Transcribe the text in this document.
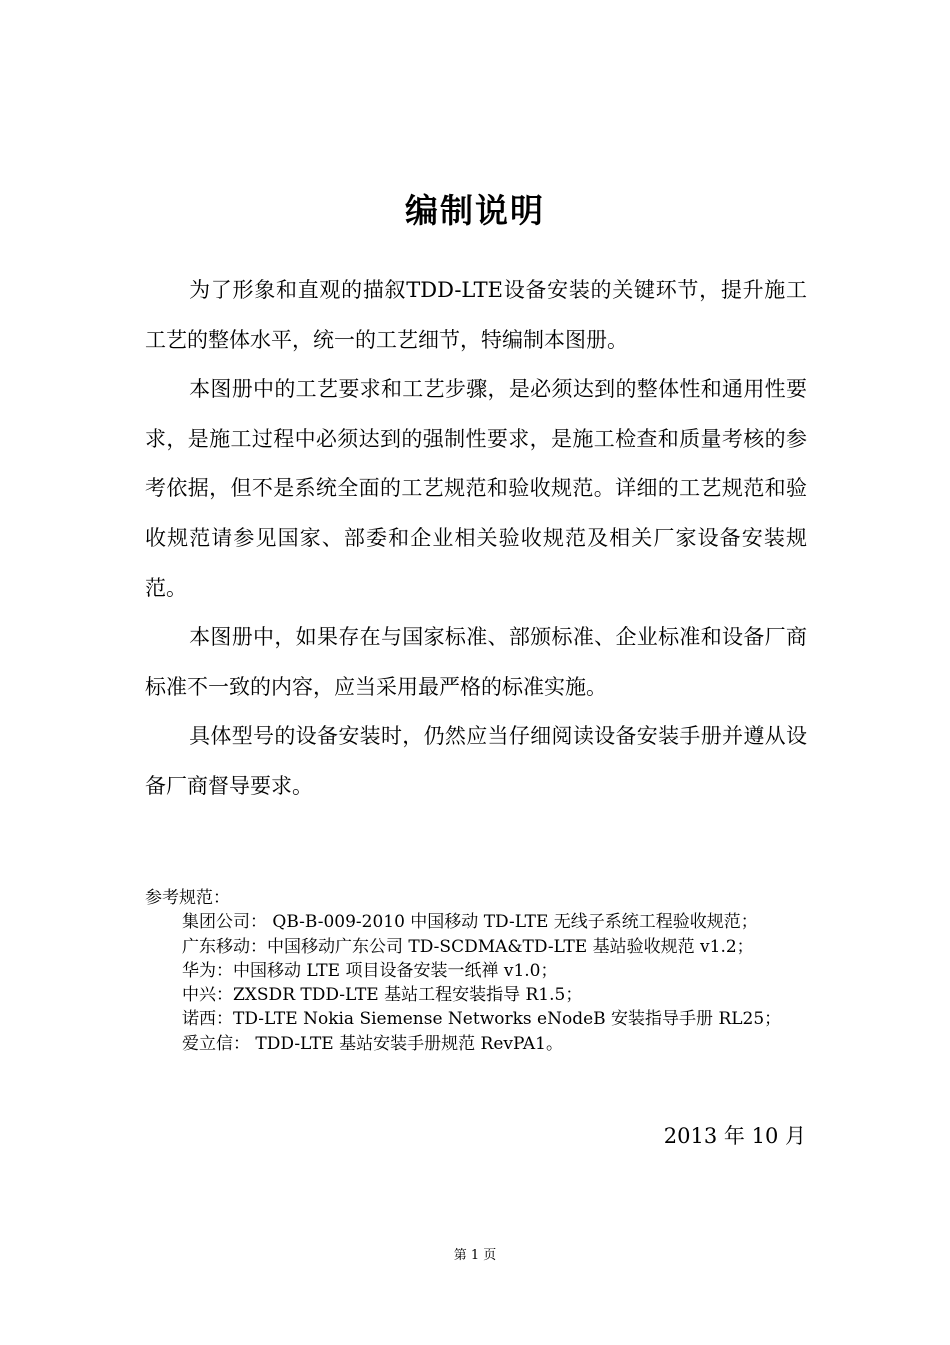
编制说明

为了形象和直观的描叙TDD-LTE设备安装的关键环节，提升施工工艺的整体水平，统一的工艺细节，特编制本图册。

本图册中的工艺要求和工艺步骤，是必须达到的整体性和通用性要求，是施工过程中必须达到的强制性要求，是施工检查和质量考核的参考依据，但不是系统全面的工艺规范和验收规范。详细的工艺规范和验收规范请参见国家、部委和企业相关验收规范及相关厂家设备安装规范。

本图册中，如果存在与国家标准、部颁标准、企业标准和设备厂商标准不一致的内容，应当采用最严格的标准实施。

具体型号的设备安装时，仍然应当仔细阅读设备安装手册并遵从设备厂商督导要求。

参考规范：

集团公司： QB-B-009-2010 中国移动 TD-LTE 无线子系统工程验收规范；
广东移动：中国移动广东公司 TD-SCDMA&TD-LTE 基站验收规范 v1.2；
华为：中国移动 LTE 项目设备安装一纸禅 v1.0；
中兴：ZXSDR TDD-LTE 基站工程安装指导 R1.5；
诺西：TD-LTE Nokia Siemense Networks eNodeB 安装指导手册 RL25；
爱立信： TDD-LTE 基站安装手册规范 RevPA1。
2013 年 10 月
第 1 页
